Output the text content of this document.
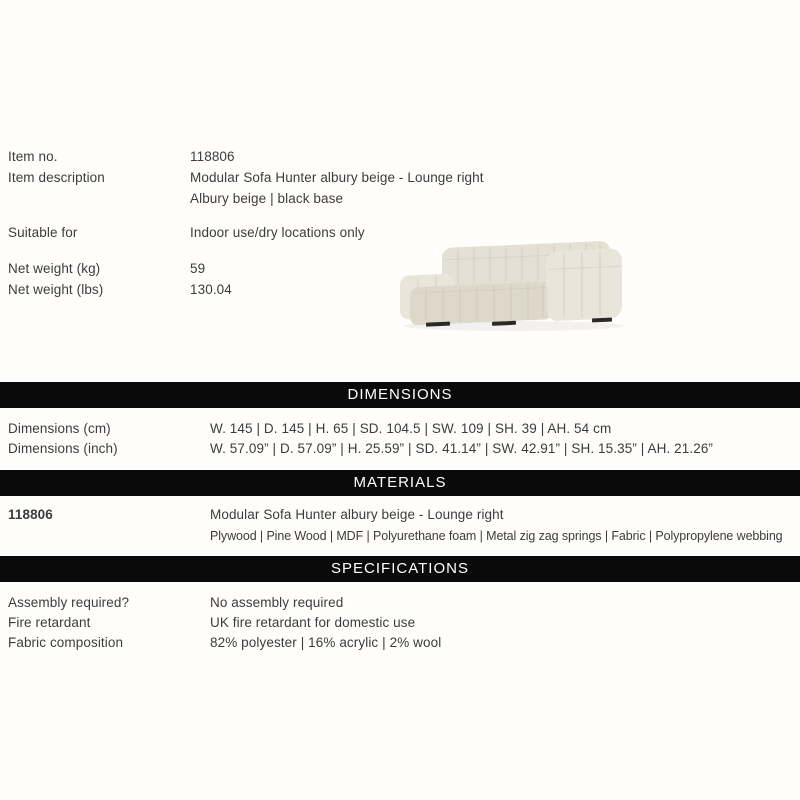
Item no.	118806
Item description	Modular Sofa Hunter albury beige - Lounge right
Albury beige | black base
Suitable for	Indoor use/dry locations only
Net weight (kg)	59
Net weight (lbs)	130.04
DIMENSIONS
Dimensions (cm)	W. 145 | D. 145 | H. 65 | SD. 104.5 | SW. 109 | SH. 39 | AH. 54 cm
Dimensions (inch)	W. 57.09” | D. 57.09” | H. 25.59” | SD. 41.14” | SW. 42.91” | SH. 15.35” | AH. 21.26”
MATERIALS
118806	Modular Sofa Hunter albury beige - Lounge right
Plywood | Pine Wood | MDF | Polyurethane foam | Metal zig zag springs | Fabric | Polypropylene webbing
SPECIFICATIONS
Assembly required?	No assembly required
Fire retardant	UK fire retardant for domestic use
Fabric composition	82% polyester | 16% acrylic | 2% wool
